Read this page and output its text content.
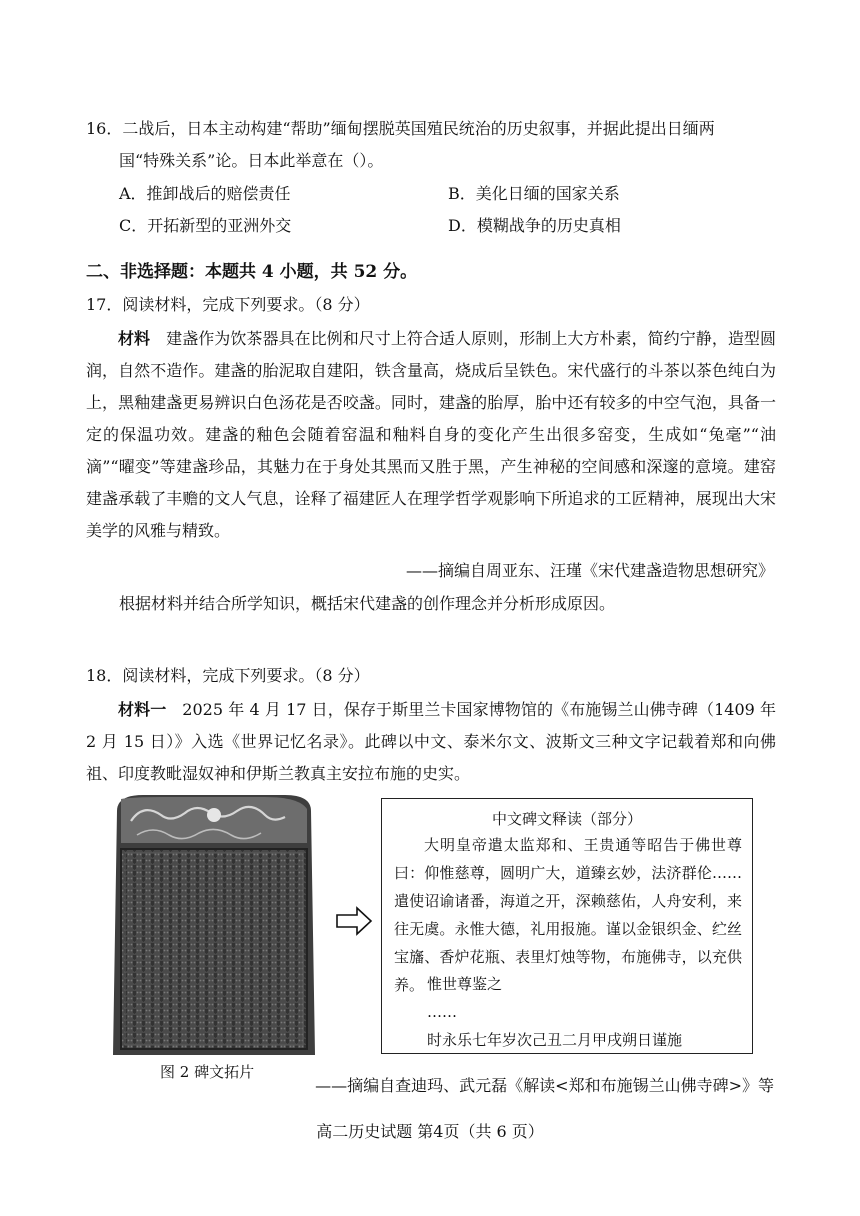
16．二战后，日本主动构建“帮助”缅甸摆脱英国殖民统治的历史叙事，并据此提出日缅两
国“特殊关系”论。日本此举意在（）。
A．推卸战后的赔偿责任	B．美化日缅的国家关系
C．开拓新型的亚洲外交	D．模糊战争的历史真相
二、非选择题：本题共 4 小题，共 52 分。
17．阅读材料，完成下列要求。（8 分）
材料 建盏作为饮茶器具在比例和尺寸上符合适人原则，形制上大方朴素，简约宁静，造型圆润，自然不造作。建盏的胎泥取自建阳，铁含量高，烧成后呈铁色。宋代盛行的斗茶以茶色纯白为上，黑釉建盏更易辨识白色汤花是否咬盏。同时，建盏的胎厚，胎中还有较多的中空气泡，具备一定的保温功效。建盏的釉色会随着窑温和釉料自身的变化产生出很多窑变，生成如“兔毫”“油滴”“曜变”等建盏珍品，其魅力在于身处其黑而又胜于黑，产生神秘的空间感和深邃的意境。建窑建盏承载了丰赡的文人气息，诠释了福建匠人在理学哲学观影响下所追求的工匠精神，展现出大宋美学的风雅与精致。
——摘编自周亚东、汪瑾《宋代建盏造物思想研究》
根据材料并结合所学知识，概括宋代建盏的创作理念并分析形成原因。
18．阅读材料，完成下列要求。（8 分）
材料一 2025 年 4 月 17 日，保存于斯里兰卡国家博物馆的《布施锡兰山佛寺碑（1409 年 2 月 15 日）》入选《世界记忆名录》。此碑以中文、泰米尔文、波斯文三种文字记载着郑和向佛祖、印度教毗湿奴神和伊斯兰教真主安拉布施的史实。
中文碑文释读（部分）
大明皇帝遣太监郑和、王贵通等昭告于佛世尊曰：仰惟慈尊，圆明广大，道臻玄妙，法济群伦……遣使诏谕诸番，海道之开，深赖慈佑，人舟安利，来往无虞。永惟大德，礼用报施。谨以金银织金、纻丝宝旛、香炉花瓶、表里灯烛等物，布施佛寺，以充供养。 惟世尊鉴之
……
时永乐七年岁次己丑二月甲戌朔日谨施
图 2 碑文拓片
——摘编自查迪玛、武元磊《解读<郑和布施锡兰山佛寺碑>》等
高二历史试题 第4页（共 6 页）
